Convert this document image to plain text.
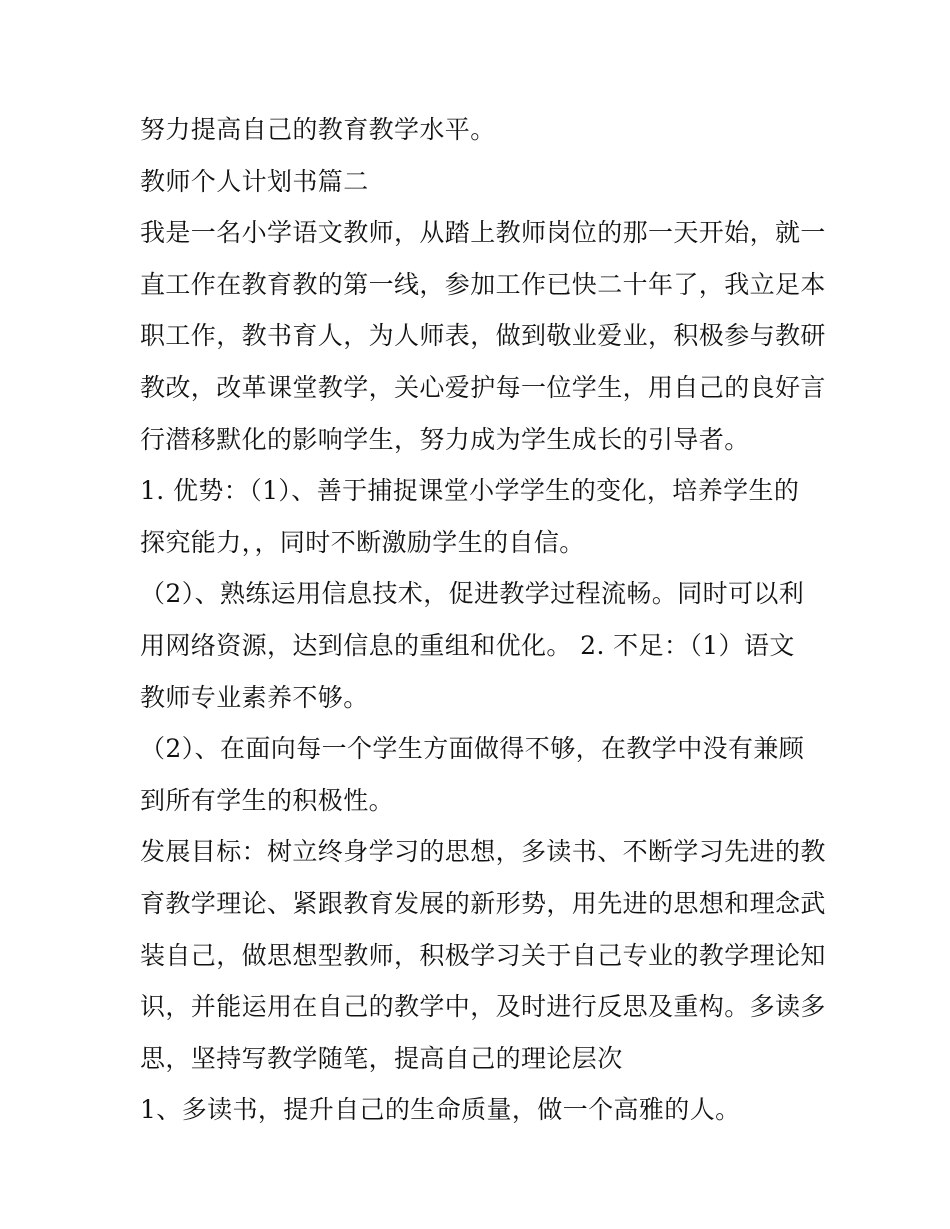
努力提高自己的教育教学水平。
教师个人计划书篇二
我是一名小学语文教师，从踏上教师岗位的那一天开始，就一
直工作在教育教的第一线，参加工作已快二十年了，我立足本
职工作，教书育人，为人师表，做到敬业爱业，积极参与教研
教改，改革课堂教学，关心爱护每一位学生，用自己的良好言
行潜移默化的影响学生，努力成为学生成长的引导者。
1. 优势：（1）、善于捕捉课堂小学学生的变化，培养学生的
探究能力，，同时不断激励学生的自信。
（2）、熟练运用信息技术，促进教学过程流畅。同时可以利
用网络资源，达到信息的重组和优化。 2. 不足：（1）语文
教师专业素养不够。
（2）、在面向每一个学生方面做得不够，在教学中没有兼顾
到所有学生的积极性。
发展目标：树立终身学习的思想，多读书、不断学习先进的教
育教学理论、紧跟教育发展的新形势，用先进的思想和理念武
装自己，做思想型教师，积极学习关于自己专业的教学理论知
识，并能运用在自己的教学中，及时进行反思及重构。多读多
思，坚持写教学随笔，提高自己的理论层次
1、多读书，提升自己的生命质量，做一个高雅的人。
